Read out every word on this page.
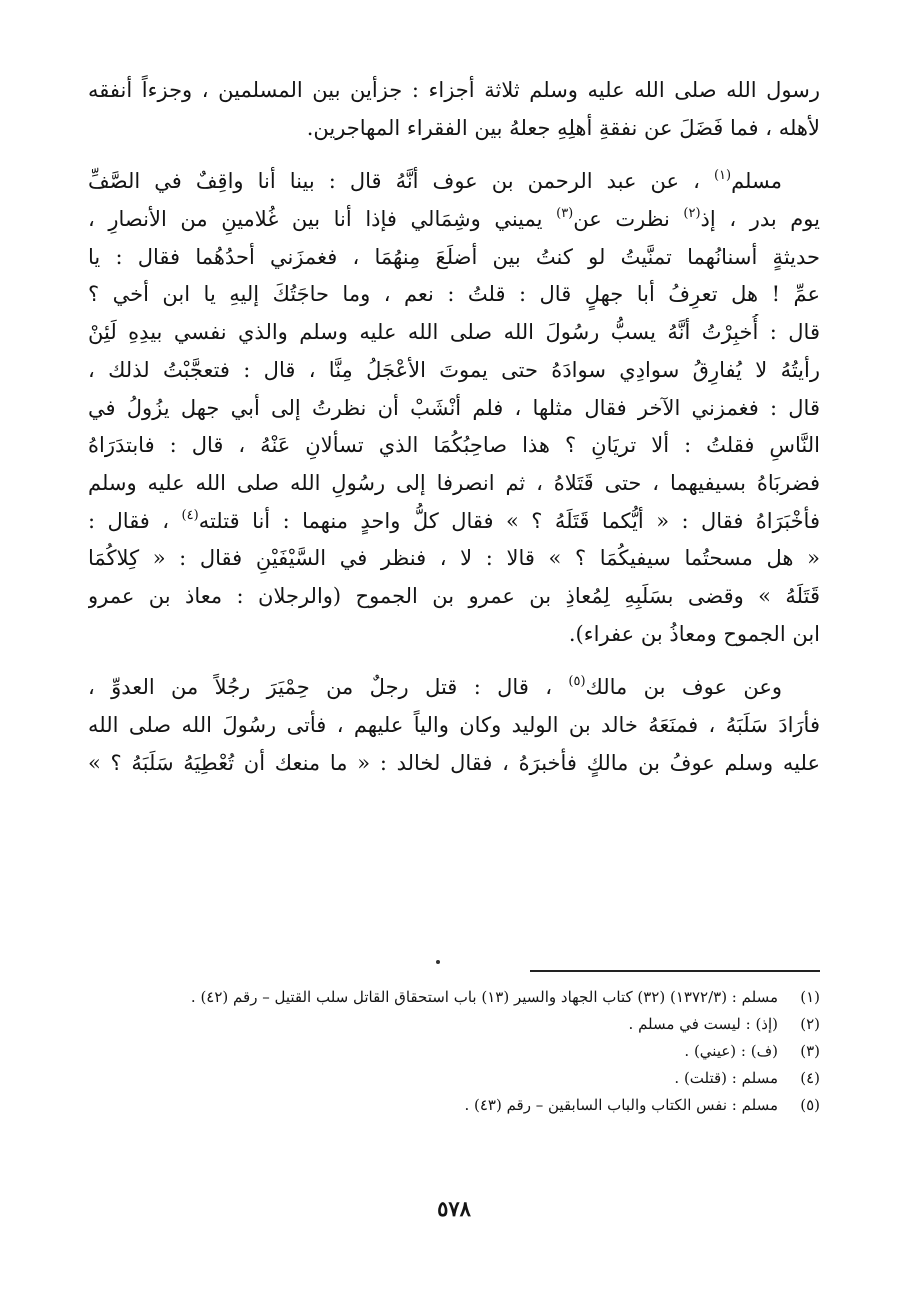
رسول الله صلى الله عليه وسلم ثلاثة أجزاء : جزأين بين المسلمين ، وجزءاً أنفقه
لأهله ، فما فَضَلَ عن نفقةِ أهلِهِ جعلهُ بين الفقراء المهاجرين.
مسلم$^{(١)}$ ، عن عبد الرحمن بن عوف أنَّهُ قال : بينا أنا واقِفٌ في الصَّفِّ
يوم بدر ، إذ$^{(٢)}$ نظرت عن$^{(٣)}$ يميني وشِمَالي فإذا أنا بين غُلامينِ من الأنصارِ ،
حديثةٍ أسنانُهما تمنَّيتُ لو كنتُ بين أضلَعَ مِنهُمَا ، فغمزَني أحدُهُما فقال : يا
عمِّ ! هل تعرِفُ أبا جهلٍ قال : قلتُ : نعم ، وما حاجَتُكَ إليهِ يا ابن أخي ؟
قال : أُخبِرْتُ أنَّهُ يسبُّ رسُولَ الله صلى الله عليه وسلم والذي نفسي بيدِهِ لَئِنْ
رأيتُهُ لا يُفارِقُ سوادِي سوادَهُ حتى يموتَ الأعْجَلُ مِنَّا ، قال : فتعجَّبْتُ لذلك ،
قال : فغمزني الآخر فقال مثلها ، فلم أنْشَبْ أن نظرتُ إلى أبي جهل يزُولُ في
النَّاسِ فقلتُ : ألا تريَانِ ؟ هذا صاحِبُكُمَا الذي تسألانِ عَنْهُ ، قال : فابتدَرَاهُ
فضربَاهُ بسيفيهما ، حتى قَتَلاهُ ، ثم انصرفا إلى رسُولِ الله صلى الله عليه وسلم
فأخْبَرَاهُ فقال : « أيُّكما قَتَلَهُ ؟ » فقال كلُّ واحدٍ منهما : أنا قتلته$^{(٤)}$ ، فقال :
« هل مسحتُما سيفيكُمَا ؟ » قالا : لا ، فنظر في السَّيْفَيْنِ فقال : « كِلاكُمَا
قَتَلَهُ » وقضى بسَلَبِهِ لِمُعاذِ بن عمرو بن الجموح (والرجلان : معاذ بن عمرو
ابن الجموح ومعاذُ بن عفراء).
وعن عوف بن مالك$^{(٥)}$ ، قال : قتل رجلٌ من حِمْيَرَ رجُلاً من العدوِّ ،
فأرَادَ سَلَبَهُ ، فمنَعَهُ خالد بن الوليد وكان والياً عليهم ، فأتى رسُولَ الله صلى الله
عليه وسلم عوفُ بن مالكٍ فأخبرَهُ ، فقال لخالد : « ما منعك أن تُعْطِيَهُ سَلَبَهُ ؟ »
(١)
مسلم : (١٣٧٢/٣) (٣٢) كتاب الجهاد والسير (١٣) باب استحقاق القاتل سلب القتيل – رقم (٤٢) .
(٢)
(إذ) : ليست في مسلم .
(٣)
(ف) : (عيني) .
(٤)
مسلم : (قتلت) .
(٥)
مسلم : نفس الكتاب والباب السابقين – رقم (٤٣) .
٥٧٨
